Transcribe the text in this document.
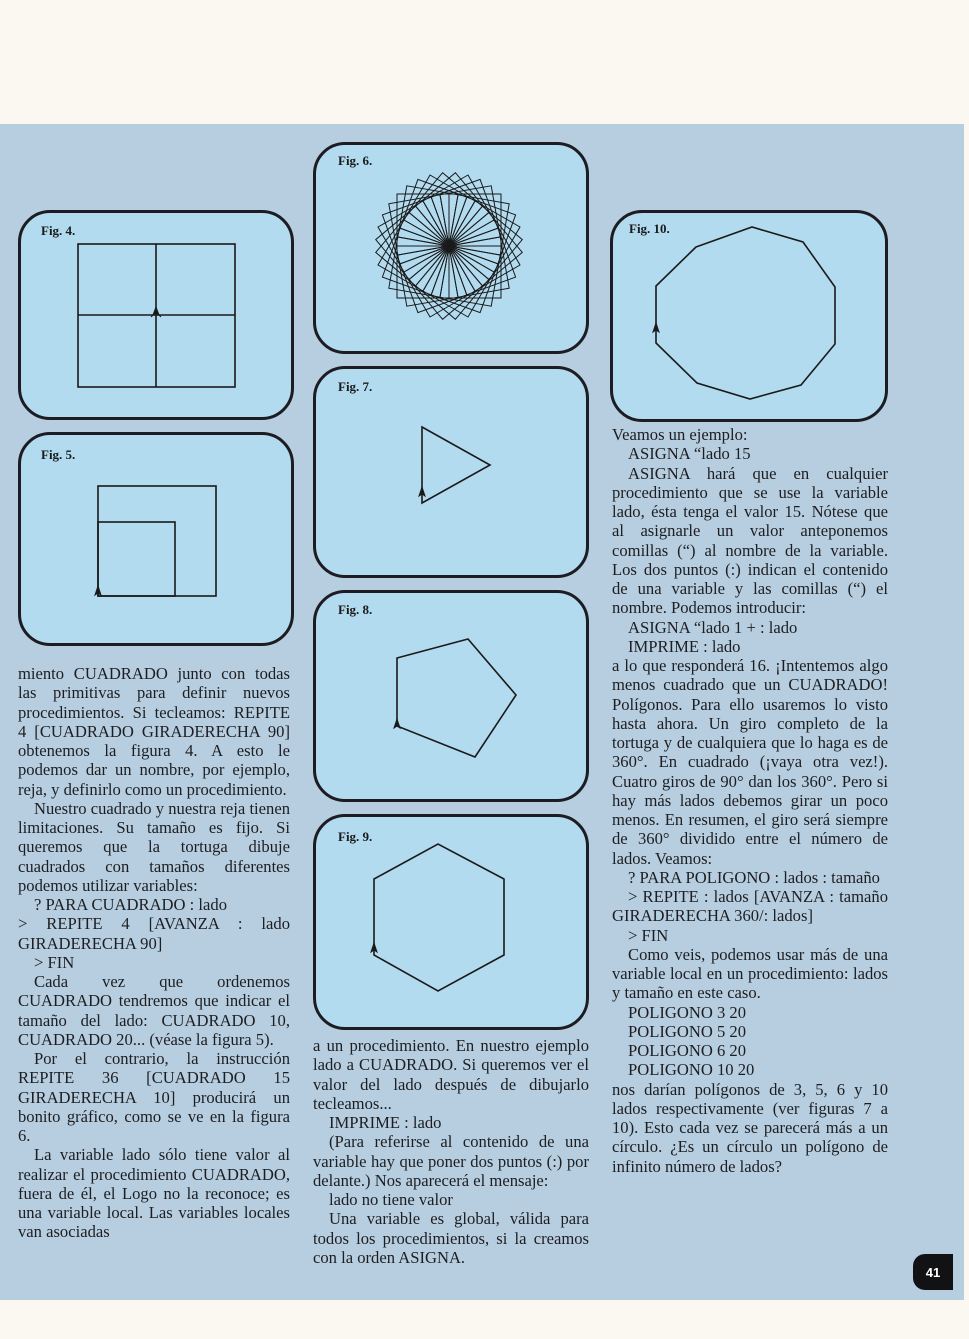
Fig. 4.
Fig. 5.
Fig. 6.
Fig. 7.
Fig. 8.
Fig. 9.
Fig. 10.

miento CUADRADO junto con todas las primitivas para definir nuevos procedimientos. Si tecleamos: REPITE 4 [CUADRADO GIRADERECHA 90] obtenemos la figura 4. A esto le podemos dar un nombre, por ejemplo, reja, y definirlo como un procedimiento.

Nuestro cuadrado y nuestra reja tienen limitaciones. Su tamaño es fijo. Si queremos que la tortuga dibuje cuadrados con tamaños diferentes podemos utilizar variables:

? PARA CUADRADO : lado

> REPITE 4 [AVANZA : lado GIRADERECHA 90]

> FIN

Cada vez que ordenemos CUADRADO tendremos que indicar el tamaño del lado: CUADRADO 10, CUADRADO 20... (véase la figura 5).

Por el contrario, la instrucción REPITE 36 [CUADRADO 15 GIRADERECHA 10] producirá un bonito gráfico, como se ve en la figura 6.

La variable lado sólo tiene valor al realizar el procedimiento CUADRADO, fuera de él, el Logo no la reconoce; es una variable local. Las variables locales van asociadas

a un procedimiento. En nuestro ejemplo lado a CUADRADO. Si queremos ver el valor del lado después de dibujarlo tecleamos...

IMPRIME : lado

(Para referirse al contenido de una variable hay que poner dos puntos (:) por delante.) Nos aparecerá el mensaje:

lado no tiene valor

Una variable es global, válida para todos los procedimientos, si la creamos con la orden ASIGNA.

Veamos un ejemplo:

ASIGNA “lado 15

ASIGNA hará que en cualquier procedimiento que se use la variable lado, ésta tenga el valor 15. Nótese que al asignarle un valor anteponemos comillas (“) al nombre de la variable. Los dos puntos (:) indican el contenido de una variable y las comillas (“) el nombre. Podemos introducir:

ASIGNA “lado 1 + : lado

IMPRIME : lado

a lo que responderá 16. ¡Intentemos algo menos cuadrado que un CUADRADO! Polígonos. Para ello usaremos lo visto hasta ahora. Un giro completo de la tortuga y de cualquiera que lo haga es de 360°. En cuadrado (¡vaya otra vez!). Cuatro giros de 90° dan los 360°. Pero si hay más lados debemos girar un poco menos. En resumen, el giro será siempre de 360° dividido entre el número de lados. Veamos:

? PARA POLIGONO : lados : tamaño

> REPITE : lados [AVANZA : tamaño GIRADERECHA 360/: lados]

> FIN

Como veis, podemos usar más de una variable local en un procedimiento: lados y tamaño en este caso.

POLIGONO 3 20

POLIGONO 5 20

POLIGONO 6 20

POLIGONO 10 20

nos darían polígonos de 3, 5, 6 y 10 lados respectivamente (ver figuras 7 a 10). Esto cada vez se parecerá más a un círculo. ¿Es un círculo un polígono de infinito número de lados?

41
